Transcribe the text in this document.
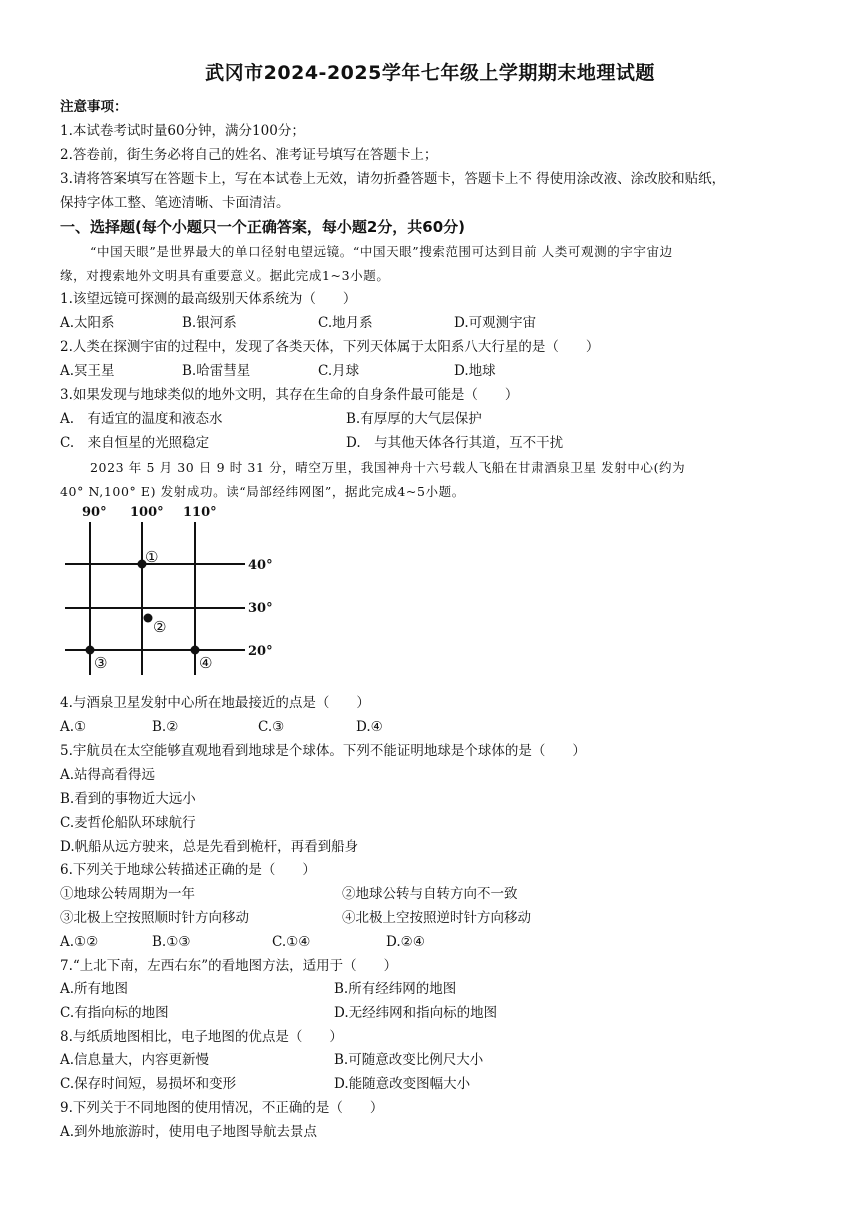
武冈市2024-2025学年七年级上学期期末地理试题
注意事项：
1.本试卷考试时量60分钟，满分100分；
2.答卷前，街生务必将自己的姓名、准考证号填写在答题卡上；
3.请将答案填写在答题卡上，写在本试卷上无效，请勿折叠答题卡，答题卡上不 得使用涂改液、涂改胶和贴纸，
保持字体工整、笔迹清晰、卡面清洁。
一、选择题(每个小题只一个正确答案，每小题2分，共60分)
“中国天眼”是世界最大的单口径射电望远镜。“中国天眼”搜索范围可达到目前 人类可观测的宇宇宙边
缘，对搜索地外文明具有重要意义。据此完成1~3小题。
1.该望远镜可探测的最高级别天体系统为（　　）
A.太阳系	B.银河系	C.地月系	D.可观测宇宙
2.人类在探测宇宙的过程中，发现了各类天体，下列天体属于太阳系八大行星的是（　　）
A.冥王星	B.哈雷彗星	C.月球	D.地球
3.如果发现与地球类似的地外文明，其存在生命的自身条件最可能是（　　）
A.　有适宜的温度和液态水	B.有厚厚的大气层保护
C.　来自恒星的光照稳定	D.　与其他天体各行其道，互不干扰
2023 年 5 月 30 日 9 时 31 分，晴空万里，我国神舟十六号载人飞船在甘肃酒泉卫星 发射中心(约为
40° N,100° E) 发射成功。读“局部经纬网图”，据此完成4~5小题。
90° 100° 110°
40°
30°
20°
①
②
③	④
4.与酒泉卫星发射中心所在地最接近的点是（　　）
A.①	B.②	C.③	D.④
5.宇航员在太空能够直观地看到地球是个球体。下列不能证明地球是个球体的是（　　）
A.站得高看得远
B.看到的事物近大远小
C.麦哲伦船队环球航行
D.帆船从远方驶来，总是先看到桅杆，再看到船身
6.下列关于地球公转描述正确的是（　　）
①地球公转周期为一年	②地球公转与自转方向不一致
③北极上空按照顺时针方向移动	④北极上空按照逆时针方向移动
A.①②	B.①③	C.①④	D.②④
7.“上北下南，左西右东”的看地图方法，适用于（　　）
A.所有地图	B.所有经纬网的地图
C.有指向标的地图	D.无经纬网和指向标的地图
8.与纸质地图相比，电子地图的优点是（　　）
A.信息量大，内容更新慢	B.可随意改变比例尺大小
C.保存时间短，易损坏和变形	D.能随意改变图幅大小
9.下列关于不同地图的使用情况，不正确的是（　　）
A.到外地旅游时，使用电子地图导航去景点
